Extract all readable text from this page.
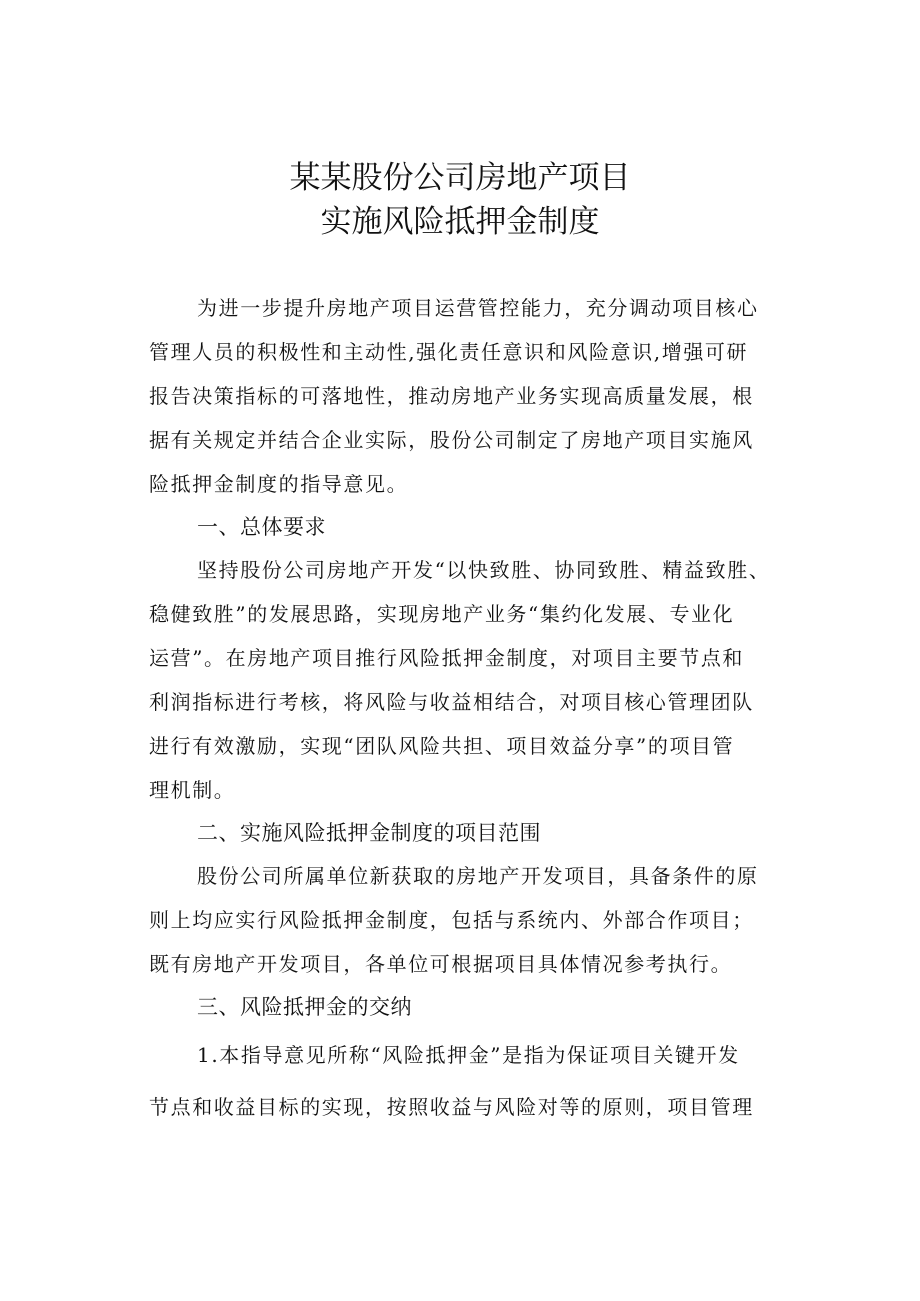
某某股份公司房地产项目
实施风险抵押金制度
为进一步提升房地产项目运营管控能力，充分调动项目核心
管理人员的积极性和主动性,强化责任意识和风险意识,增强可研
报告决策指标的可落地性，推动房地产业务实现高质量发展，根
据有关规定并结合企业实际，股份公司制定了房地产项目实施风
险抵押金制度的指导意见。
一、总体要求
坚持股份公司房地产开发“以快致胜、协同致胜、精益致胜、
稳健致胜”的发展思路，实现房地产业务“集约化发展、专业化
运营”。在房地产项目推行风险抵押金制度，对项目主要节点和
利润指标进行考核，将风险与收益相结合，对项目核心管理团队
进行有效激励，实现“团队风险共担、项目效益分享”的项目管
理机制。
二、实施风险抵押金制度的项目范围
股份公司所属单位新获取的房地产开发项目，具备条件的原
则上均应实行风险抵押金制度，包括与系统内、外部合作项目；
既有房地产开发项目，各单位可根据项目具体情况参考执行。
三、风险抵押金的交纳
1.本指导意见所称“风险抵押金”是指为保证项目关键开发
节点和收益目标的实现，按照收益与风险对等的原则，项目管理
